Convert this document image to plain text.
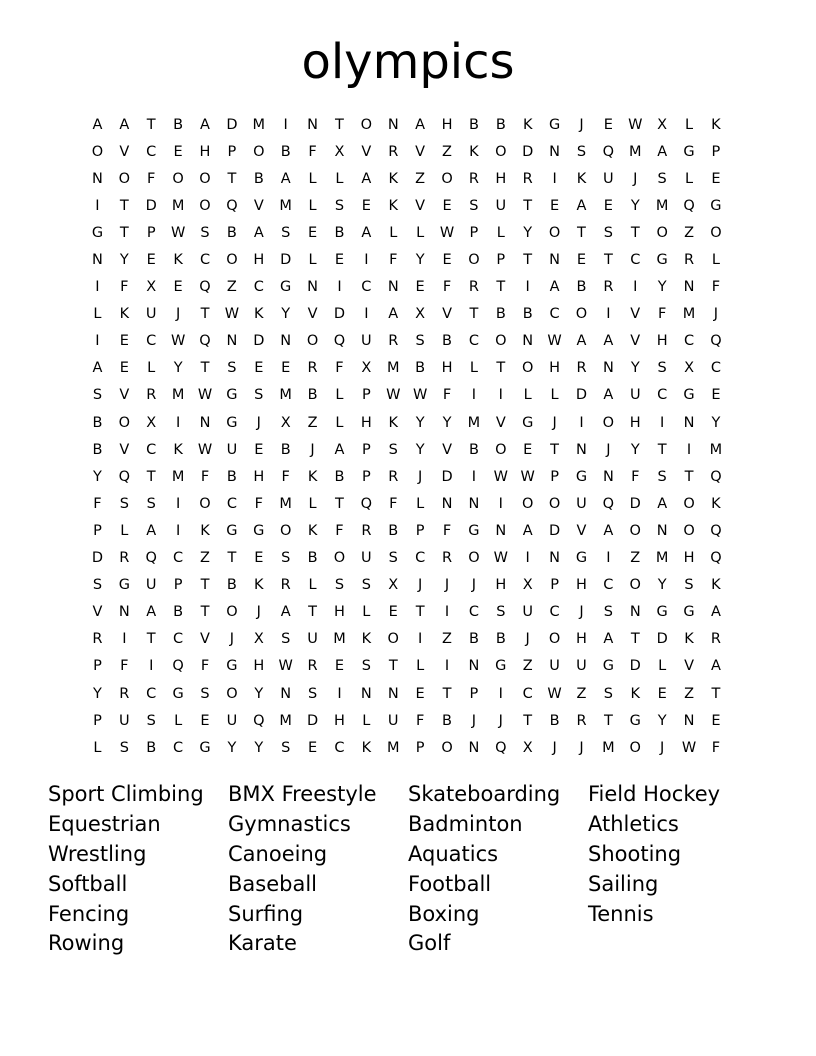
olympics
A	A	T	B	A	D	M	I	N	T	O	N	A	H	B	B	K	G	J	E	W	X	L	K
O	V	C	E	H	P	O	B	F	X	V	R	V	Z	K	O	D	N	S	Q	M	A	G	P
N	O	F	O	O	T	B	A	L	L	A	K	Z	O	R	H	R	I	K	U	J	S	L	E
I	T	D	M	O	Q	V	M	L	S	E	K	V	E	S	U	T	E	A	E	Y	M	Q	G
G	T	P	W	S	B	A	S	E	B	A	L	L	W	P	L	Y	O	T	S	T	O	Z	O
N	Y	E	K	C	O	H	D	L	E	I	F	Y	E	O	P	T	N	E	T	C	G	R	L
I	F	X	E	Q	Z	C	G	N	I	C	N	E	F	R	T	I	A	B	R	I	Y	N	F
L	K	U	J	T	W	K	Y	V	D	I	A	X	V	T	B	B	C	O	I	V	F	M	J
I	E	C	W Q	N	D	N	O	Q	U	R	S	B	C	O	N W	A	A	V	H	C	Q
A	E	L	Y	T	S	E	E	R	F	X	M	B	H	L	T	O	H	R	N	Y	S	X	C
S	V	R	M W G	S	M	B	L	P	W W	F	I	I	L	L	D	A	U	C	G	E
B	O	X	I	N	G	J	X	Z	L	H	K	Y	Y	M	V	G	J	I	O	H	I	N	Y
B	V	C	K	W U	E	B	J	A	P	S	Y	V	B	O	E	T	N	J	Y	T	I	M
Y	Q	T	M	F	B	H	F	K	B	P	R	J	D	I	W W	P	G	N	F	S	T	Q
F	S	S	I	O	C	F	M	L	T	Q	F	L	N	N	I	O	O	U	Q	D	A	O	K
P	L	A	I	K	G	G	O	K	F	R	B	P	F	G	N	A	D	V	A	O	N	O	Q
D	R	Q	C	Z	T	E	S	B	O	U	S	C	R	O W	I	N	G	I	Z	M	H	Q
S	G	U	P	T	B	K	R	L	S	S	X	J	J	J	H	X	P	H	C	O	Y	S	K
V	N	A	B	T	O	J	A	T	H	L	E	T	I	C	S	U	C	J	S	N	G	G	A
R	I	T	C	V	J	X	S	U	M	K	O	I	Z	B	B	J	O	H	A	T	D	K	R
P	F	I	Q	F	G	H W	R	E	S	T	L	I	N	G	Z	U	U	G	D	L	V	A
Y	R	C	G	S	O	Y	N	S	I	N	N	E	T	P	I	C	W	Z	S	K	E	Z	T
P	U	S	L	E	U	Q	M	D	H	L	U	F	B	J	J	T	B	R	T	G	Y	N	E
L	S	B	C	G	Y	Y	S	E	C	K	M	P	O	N	Q	X	J	J	M	O	J	W	F
Sport Climbing	BMX Freestyle	Skateboarding	Field Hockey
Equestrian	Gymnastics	Badminton	Athletics
Wrestling	Canoeing	Aquatics	Shooting
Softball	Baseball	Football	Sailing
Fencing	Surfing	Boxing	Tennis
Rowing	Karate	Golf
